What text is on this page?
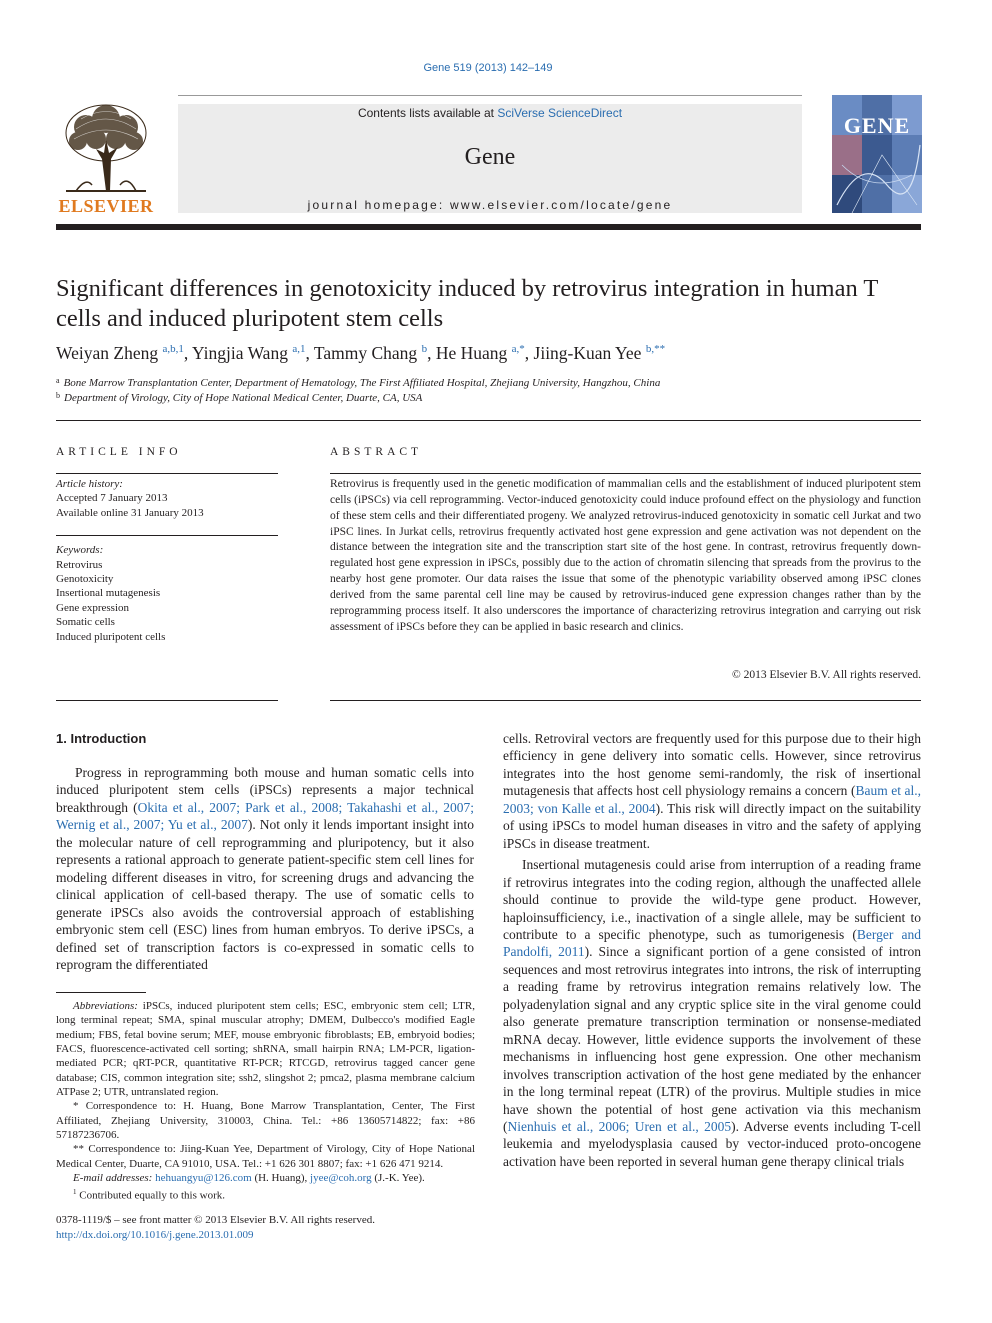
Gene 519 (2013) 142–149
ELSEVIER
Contents lists available at SciVerse ScienceDirect
Gene
journal homepage: www.elsevier.com/locate/gene
GENE
Significant differences in genotoxicity induced by retrovirus integration in human T cells and induced pluripotent stem cells
Weiyan Zheng $^{a,b,1}$, Yingjia Wang $^{a,1}$, Tammy Chang $^b$, He Huang $^{a,*}$, Jiing-Kuan Yee $^{b,**}$
$^a$ Bone Marrow Transplantation Center, Department of Hematology, The First Affiliated Hospital, Zhejiang University, Hangzhou, China
$^b$ Department of Virology, City of Hope National Medical Center, Duarte, CA, USA
ARTICLE INFO	ABSTRACT
Article history:
Accepted 7 January 2013
Available online 31 January 2013
Keywords:
Retrovirus
Genotoxicity
Insertional mutagenesis
Gene expression
Somatic cells
Induced pluripotent cells
Retrovirus is frequently used in the genetic modification of mammalian cells and the establishment of induced pluripotent stem cells (iPSCs) via cell reprogramming. Vector-induced genotoxicity could induce profound effect on the physiology and function of these stem cells and their differentiated progeny. We analyzed retrovirus-induced genotoxicity in somatic cell Jurkat and two iPSC lines. In Jurkat cells, retrovirus frequently activated host gene expression and gene activation was not dependent on the distance between the integration site and the transcription start site of the host gene. In contrast, retrovirus frequently down-regulated host gene expression in iPSCs, possibly due to the action of chromatin silencing that spreads from the provirus to the nearby host gene promoter. Our data raises the issue that some of the phenotypic variability observed among iPSC clones derived from the same parental cell line may be caused by retrovirus-induced gene expression changes rather than by the reprogramming process itself. It also underscores the importance of characterizing retrovirus integration and carrying out risk assessment of iPSCs before they can be applied in basic research and clinics.
© 2013 Elsevier B.V. All rights reserved.
1. Introduction

Progress in reprogramming both mouse and human somatic cells into induced pluripotent stem cells (iPSCs) represents a major technical breakthrough (Okita et al., 2007; Park et al., 2008; Takahashi et al., 2007; Wernig et al., 2007; Yu et al., 2007). Not only it lends important insight into the molecular nature of cell reprogramming and pluripotency, but it also represents a rational approach to generate patient-specific stem cell lines for modeling different diseases in vitro, for screening drugs and advancing the clinical application of cell-based therapy. The use of somatic cells to generate iPSCs also avoids the controversial approach of establishing embryonic stem cell (ESC) lines from human embryos. To derive iPSCs, a defined set of transcription factors is co-expressed in somatic cells to reprogram the differentiated

cells. Retroviral vectors are frequently used for this purpose due to their high efficiency in gene delivery into somatic cells. However, since retrovirus integrates into the host genome semi-randomly, the risk of insertional mutagenesis that affects host cell physiology remains a concern (Baum et al., 2003; von Kalle et al., 2004). This risk will directly impact on the suitability of using iPSCs to model human diseases in vitro and the safety of applying iPSCs in disease treatment.

Insertional mutagenesis could arise from interruption of a reading frame if retrovirus integrates into the coding region, although the unaffected allele should continue to provide the wild-type gene product. However, haploinsufficiency, i.e., inactivation of a single allele, may be sufficient to contribute to a specific phenotype, such as tumorigenesis (Berger and Pandolfi, 2011). Since a significant portion of a gene consisted of intron sequences and most retrovirus integrates into introns, the risk of interrupting a reading frame by retrovirus integration remains relatively low. The polyadenylation signal and any cryptic splice site in the viral genome could also generate premature transcription termination or nonsense-mediated mRNA decay. However, little evidence supports the involvement of these mechanisms in influencing host gene expression. One other mechanism involves transcription activation of the host gene mediated by the enhancer in the long terminal repeat (LTR) of the provirus. Multiple studies in mice have shown the potential of host gene activation via this mechanism (Nienhuis et al., 2006; Uren et al., 2005). Adverse events including T-cell leukemia and myelodysplasia caused by vector-induced proto-oncogene activation have been reported in several human gene therapy clinical trials

Abbreviations: iPSCs, induced pluripotent stem cells; ESC, embryonic stem cell; LTR, long terminal repeat; SMA, spinal muscular atrophy; DMEM, Dulbecco's modified Eagle medium; FBS, fetal bovine serum; MEF, mouse embryonic fibroblasts; EB, embryoid bodies; FACS, fluorescence-activated cell sorting; shRNA, small hairpin RNA; LM-PCR, ligation-mediated PCR; qRT-PCR, quantitative RT-PCR; RTCGD, retrovirus tagged cancer gene database; CIS, common integration site; ssh2, slingshot 2; pmca2, plasma membrane calcium ATPase 2; UTR, untranslated region.

* Correspondence to: H. Huang, Bone Marrow Transplantation, Center, The First Affiliated, Zhejiang University, 310003, China. Tel.: +86 13605714822; fax: +86 57187236706.

** Correspondence to: Jiing-Kuan Yee, Department of Virology, City of Hope National Medical Center, Duarte, CA 91010, USA. Tel.: +1 626 301 8807; fax: +1 626 471 9214.

E-mail addresses: hehuangyu@126.com (H. Huang), jyee@coh.org (J.-K. Yee).

$^1$ Contributed equally to this work.

0378-1119/$ – see front matter © 2013 Elsevier B.V. All rights reserved.
http://dx.doi.org/10.1016/j.gene.2013.01.009
